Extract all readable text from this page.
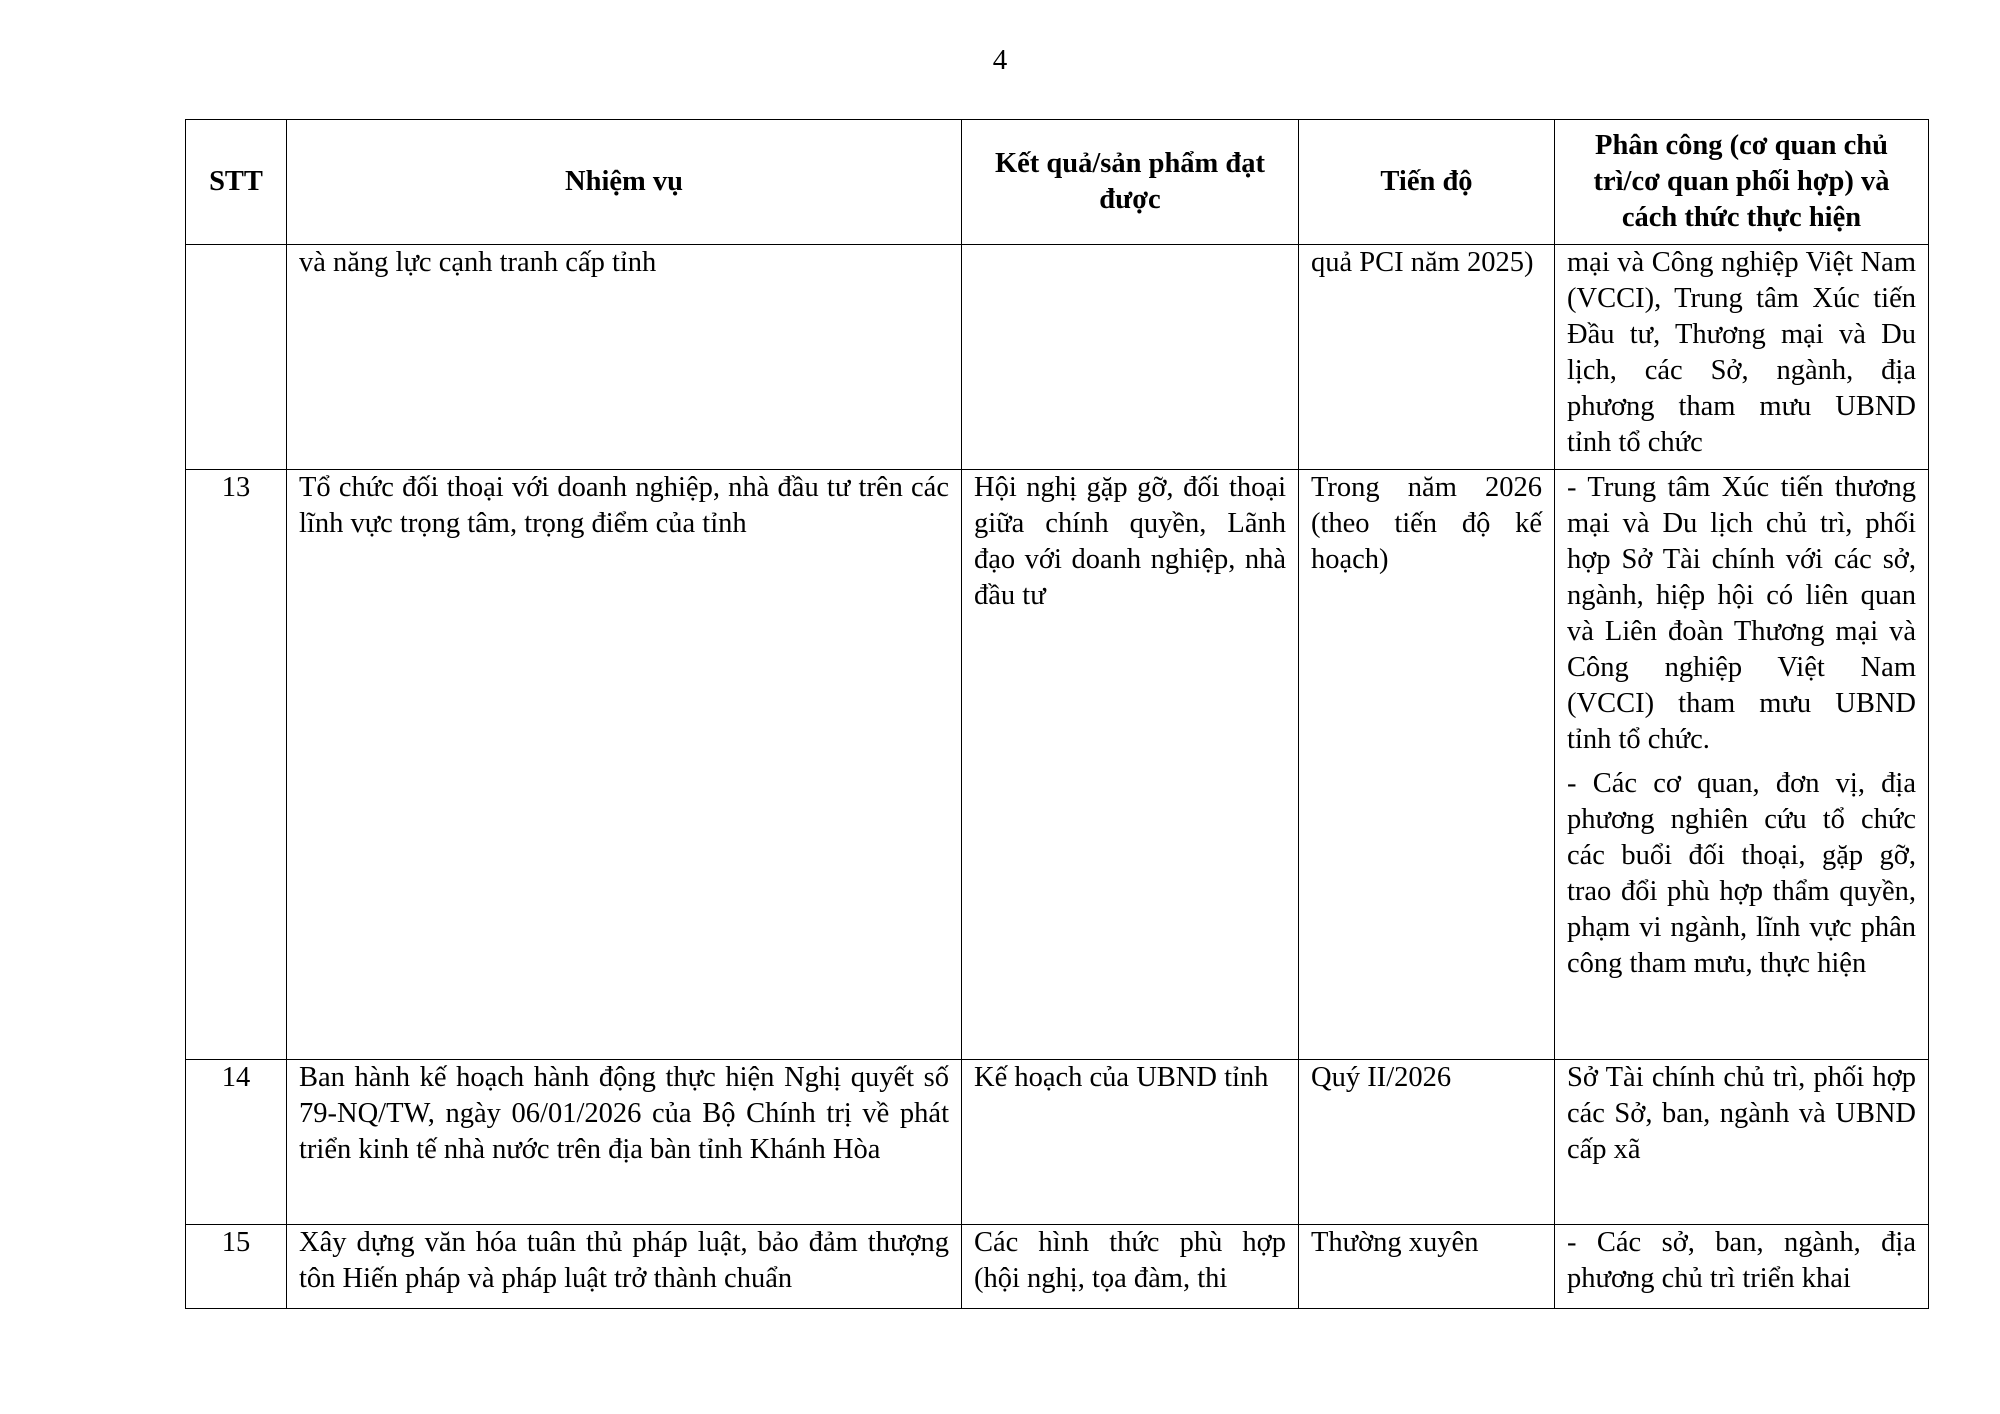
4
STT	Nhiệm vụ	Kết quả/sản phẩm đạt được	Tiến độ	Phân công (cơ quan chủ trì/cơ quan phối hợp) và cách thức thực hiện
	và năng lực cạnh tranh cấp tỉnh		quả PCI năm 2025)	mại và Công nghiệp Việt Nam (VCCI), Trung tâm Xúc tiến Đầu tư, Thương mại và Du lịch, các Sở, ngành, địa phương tham mưu UBND tỉnh tổ chức

13	Tổ chức đối thoại với doanh nghiệp, nhà đầu tư trên các lĩnh vực trọng tâm, trọng điểm của tỉnh	Hội nghị gặp gỡ, đối thoại giữa chính quyền, Lãnh đạo với doanh nghiệp, nhà đầu tư	Trong năm 2026 (theo tiến độ kế hoạch)	- Trung tâm Xúc tiến thương mại và Du lịch chủ trì, phối hợp Sở Tài chính với các sở, ngành, hiệp hội có liên quan và Liên đoàn Thương mại và Công nghiệp Việt Nam (VCCI) tham mưu UBND tỉnh tổ chức.

- Các cơ quan, đơn vị, địa phương nghiên cứu tổ chức các buổi đối thoại, gặp gỡ, trao đổi phù hợp thẩm quyền, phạm vi ngành, lĩnh vực phân công tham mưu, thực hiện

14	Ban hành kế hoạch hành động thực hiện Nghị quyết số 79-NQ/TW, ngày 06/01/2026 của Bộ Chính trị về phát triển kinh tế nhà nước trên địa bàn tỉnh Khánh Hòa	Kế hoạch của UBND tỉnh	Quý II/2026	Sở Tài chính chủ trì, phối hợp các Sở, ban, ngành và UBND cấp xã

15	Xây dựng văn hóa tuân thủ pháp luật, bảo đảm thượng tôn Hiến pháp và pháp luật trở thành chuẩn	Các hình thức phù hợp (hội nghị, tọa đàm, thi	Thường xuyên	- Các sở, ban, ngành, địa phương chủ trì triển khai
